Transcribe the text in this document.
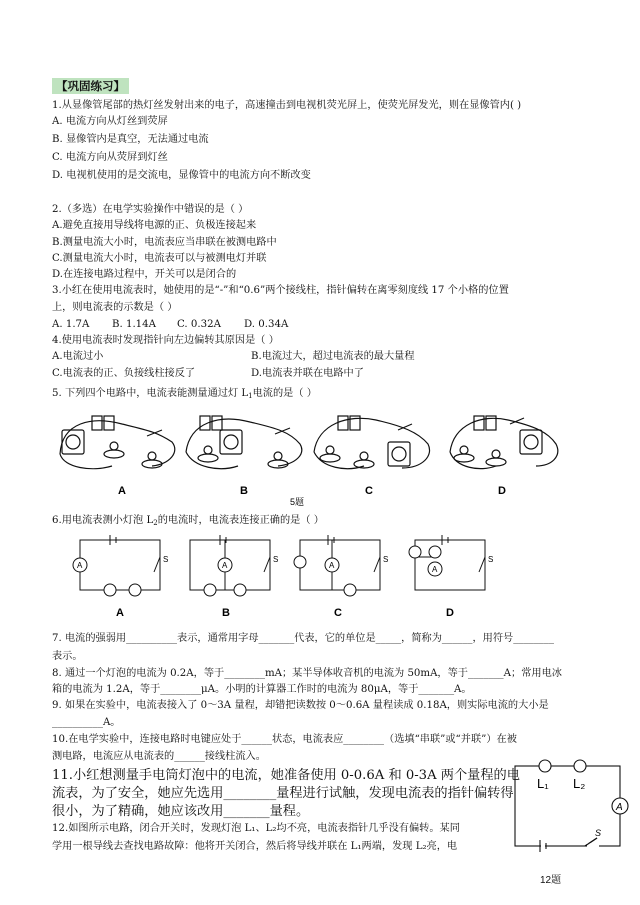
【巩固练习】
1.从显像管尾部的热灯丝发射出来的电子，高速撞击到电视机荧光屏上，使荧光屏发光，则在显像管内( )
A. 电流方向从灯丝到荧屏
B. 显像管内是真空，无法通过电流
C. 电流方向从荧屏到灯丝
D. 电视机使用的是交流电，显像管中的电流方向不断改变
2.（多选）在电学实验操作中错误的是（ ）
A.避免直接用导线将电源的正、负极连接起来
B.测量电流大小时，电流表应当串联在被测电路中
C.测量电流大小时，电流表可以与被测电灯并联
D.在连接电路过程中，开关可以是闭合的
3.小红在使用电流表时，她使用的是“-”和“0.6”两个接线柱，指针偏转在离零刻度线 17 个小格的位置
上，则电流表的示数是（ ）
A. 1.7A B. 1.14A C. 0.32A D. 0.34A
4.使用电流表时发现指针向左边偏转其原因是（ ）
A.电流过小	B.电流过大，超过电流表的最大量程
C.电流表的正、负接线柱接反了	D.电流表并联在电路中了
5. 下列四个电路中，电流表能测量通过灯 $L_1$电流的是（ ）
A	B	C
5题
D
6.用电流表测小灯泡 $L_2$的电流时，电流表连接正确的是（ ）
A	A	A	A
S	S	S	S
A	B	C	D
7. 电流的强弱用__________表示，通常用字母_______代表，它的单位是_____，简称为______，用符号________
表示。
8. 通过一个灯泡的电流为 0.2A，等于________mA；某半导体收音机的电流为 50mA，等于_______A；常用电冰
箱的电流为 1.2A，等于________μA。小明的计算器工作时的电流为 80μA，等于_______A。
9. 如果在实验中，电流表接入了 0～3A 量程，却错把读数按 0～0.6A 量程读成 0.18A，则实际电流的大小是
__________A。
10.在电学实验中，连接电路时电键应处于______状态，电流表应________（选填“串联”或“并联”）在被
测电路，电流应从电流表的______接线柱流入。
11.小红想测量手电筒灯泡中的电流，她准备使用 0-0.6A 和 0-3A 两个量程的电
流表，为了安全，她应先选用________量程进行试触，发现电流表的指针偏转得
很小，为了精确，她应该改用_______量程。
12.如图所示电路，闭合开关时，发现灯泡 L₁、L₂均不亮，电流表指针几乎没有偏转。某同
学用一根导线去查找电路故障：他将开关闭合，然后将导线并联在 L₁两端，发现 L₂亮，电
L₁ L₂
A
S
12题
